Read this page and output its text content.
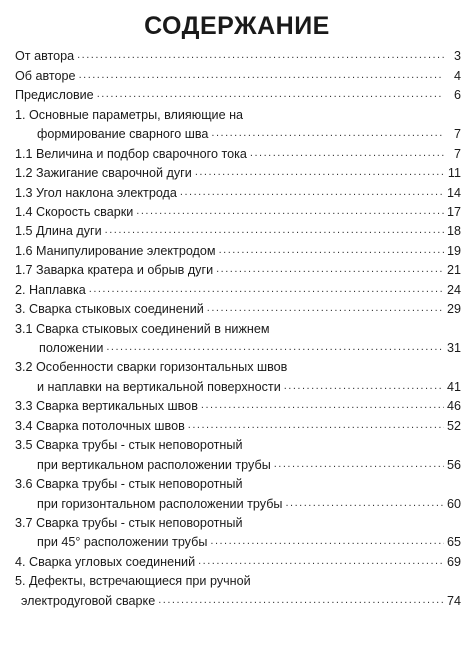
СОДЕРЖАНИЕ
От автора .....	3
Об авторе .....	4
Предисловие .....	6
1. Основные параметры, влияющие на
формирование сварного шва .....	7
1.1 Величина и подбор сварочного тока .....	7
1.2 Зажигание сварочной дуги .....	11
1.3 Угол наклона электрода .....	14
1.4 Скорость сварки .....	17
1.5 Длина дуги .....	18
1.6 Манипулирование электродом .....	19
1.7 Заварка кратера и обрыв дуги .....	21
2. Наплавка .....	24
3. Сварка стыковых соединений .....	29
3.1 Сварка стыковых соединений в нижнем
положении .....	31
3.2 Особенности сварки горизонтальных швов
и наплавки на вертикальной поверхности .....	41
3.3 Сварка вертикальных швов .....	46
3.4 Сварка потолочных швов .....	52
3.5 Сварка трубы - стык неповоротный
при вертикальном расположении трубы .....	56
3.6 Сварка трубы - стык неповоротный
при горизонтальном расположении трубы .....	60
3.7 Сварка трубы - стык неповоротный
при 45° расположении трубы .....	65
4. Сварка угловых соединений .....	69
5. Дефекты, встречающиеся при ручной
электродуговой сварке .....	74
